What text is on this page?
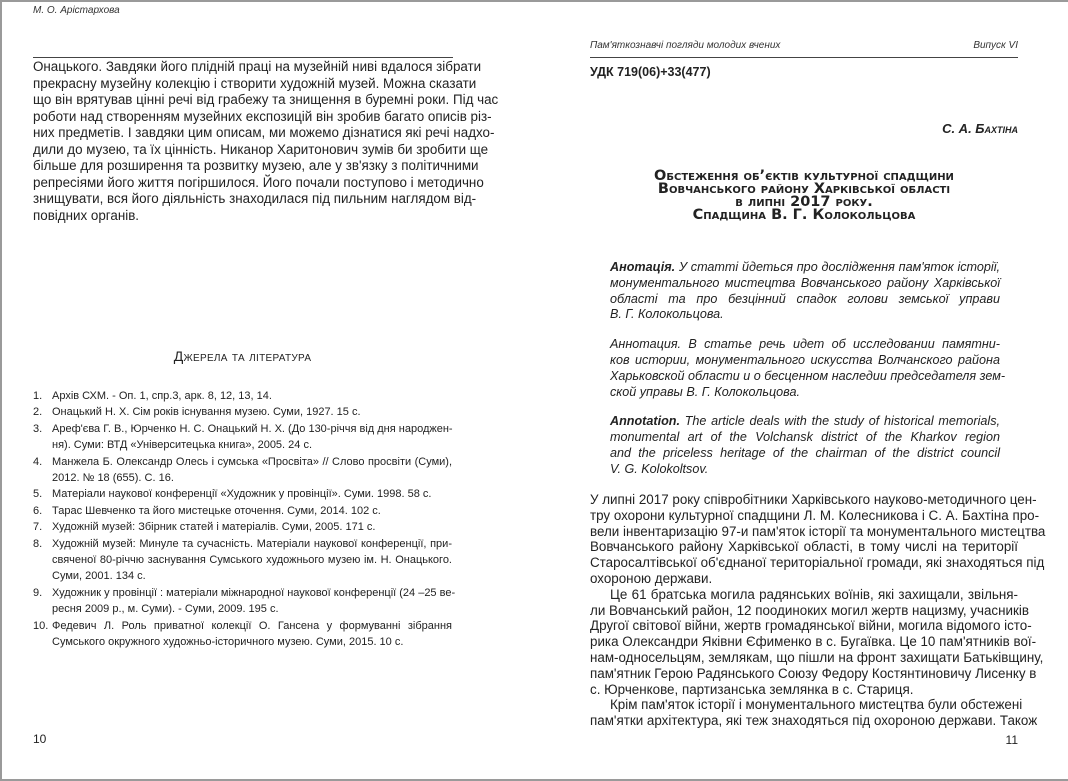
М. О. Арістархова
Онацького. Завдяки його плідній праці на музейній ниві вдалося зібрати
прекрасну музейну колекцію і створити художній музей. Можна сказати
що він врятував цінні речі від грабежу та знищення в буремні роки. Під час
роботи над створенням музейних експозицій він зробив багато описів різ-
них предметів. І завдяки цим описам, ми можемо дізнатися які речі надхо-
дили до музею, та їх цінність. Никанор Харитонович зумів би зробити ще
більше для розширення та розвитку музею, але у зв'язку з політичними
репресіями його життя погіршилося. Його почали поступово і методично
знищувати, вся його діяльність знаходилася під пильним наглядом від-
повідних органів.
Джерела та література
1. Архів СХМ. - Оп. 1, спр.3, арк. 8, 12, 13, 14.
2. Онацький Н. Х. Сім років існування музею. Суми, 1927. 15 с.
3. Ареф'єва Г. В., Юрченко Н. С. Онацький Н. Х. (До 130-річчя від дня народжен-
ня). Суми: ВТД «Університецька книга», 2005. 24 с.
4. Манжела Б. Олександр Олесь і сумська «Просвіта» // Слово просвіти (Суми),
2012. № 18 (655). С. 16.
5. Матеріали наукової конференції «Художник у провінції». Суми. 1998. 58 с.
6. Тарас Шевченко та його мистецьке оточення. Суми, 2014. 102 с.
7. Художній музей: Збірник статей і матеріалів. Суми, 2005. 171 с.
8. Художній музей: Минуле та сучасність. Матеріали наукової конференції, при-
свяченої 80-річчю заснування Сумського художнього музею ім. Н. Онацького.
Суми, 2001. 134 с.
9. Художник у провінції : матеріали міжнародної наукової конференції (24 –25 ве-
ресня 2009 р., м. Суми). - Суми, 2009. 195 с.
10. Федевич Л. Роль приватної колекції О. Гансена у формуванні зібрання
Сумського окружного художньо-історичного музею. Суми, 2015. 10 с.
10
Пам'яткознавчі погляди молодих вчених	Випуск VI
УДК 719(06)+33(477)
С. А. Бахтіна
Обстеження об’єктів культурної спадщини
Вовчанського району Харківської області
в липні 2017 року.
Спадщина В. Г. Колокольцова
Анотація. У статті йдеться про дослідження пам'яток історії,
монументального мистецтва Вовчанського району Харківської
області та про безцінний спадок голови земської управи
В. Г. Колокольцова.
Аннотация. В статье речь идет об исследовании памятни-
ков истории, монументального искусства Волчанского района
Харьковской области и о бесценном наследии председателя зем-
ской управы В. Г. Колокольцова.
Annotation. The article deals with the study of historical memorials,
monumental art of the Volchansk district of the Kharkov region
and the priceless heritage of the chairman of the district council
V. G. Kolokoltsov.
У липні 2017 року співробітники Харківського науково-методичного цен-
тру охорони культурної спадщини Л. М. Колесникова і С. А. Бахтіна про-
вели інвентаризацію 97-и пам'яток історії та монументального мистецтва
Вовчанського району Харківської області, в тому числі на території
Старосалтівської об'єднаної територіальної громади, які знаходяться під
охороною держави.
Це 61 братська могила радянських воїнів, які захищали, звільня-
ли Вовчанський район, 12 поодиноких могил жертв нацизму, учасників
Другої світової війни, жертв громадянської війни, могила відомого істо-
рика Олександри Яківни Єфименко в с. Бугаївка. Це 10 пам'ятників вої-
нам-односельцям, землякам, що пішли на фронт захищати Батьківщину,
пам'ятник Герою Радянського Союзу Федору Костянтиновичу Лисенку в
с. Юрченкове, партизанська землянка в с. Стариця.
Крім пам'яток історії і монументального мистецтва були обстежені
пам'ятки архітектура, які теж знаходяться під охороною держави. Також
11
